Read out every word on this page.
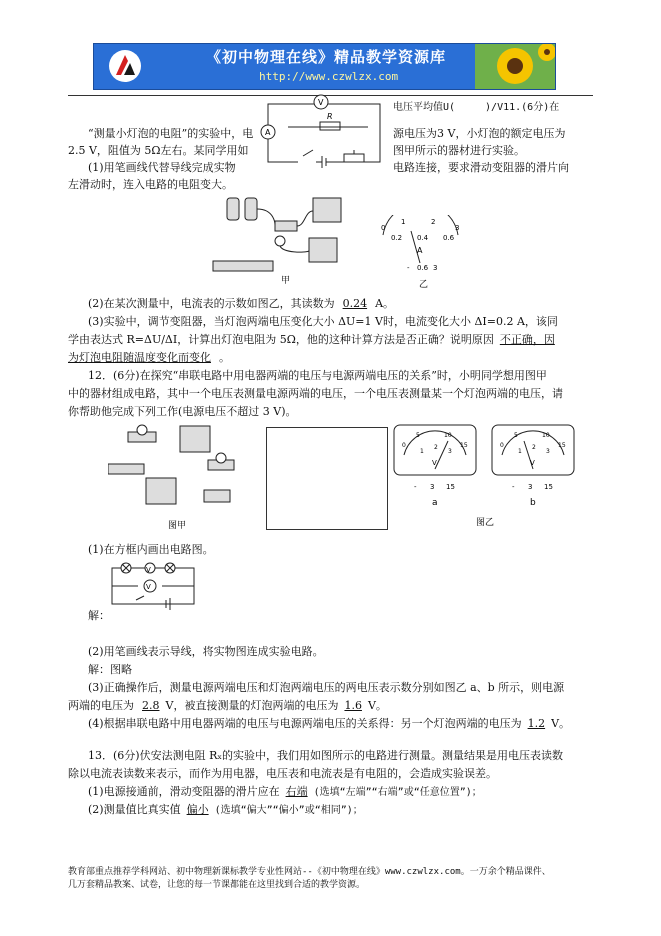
《初中物理在线》精品教学资源库
http://www.czwlzx.com
V
A
R
电压平均值U(　　　)/V11.(6分)在
“测量小灯泡的电阻”的实验中，电	源电压为3 V，小灯泡的额定电压为
2.5 V，阻值为 5Ω左右。某同学用如	图甲所示的器材进行实验。
(1)用笔画线代替导线完成实物	电路连接，要求滑动变阻器的滑片向
左滑动时，连入电路的电阻变大。
甲
0
1	2
3
0.2 0.4 0.6
A
- 0.6 3
乙
(2)在某次测量中，电流表的示数如图乙，其读数为 0.24 A。
(3)实验中，调节变阻器，当灯泡两端电压变化大小 ΔU=1 V时，电流变化大小 ΔI=0.2 A，该同
学由表达式 R=ΔU/ΔI，计算出灯泡电阻为 5Ω，他的这种计算方法是否正确？说明原因 不正确，因
为灯泡电阻随温度变化而变化 。
12．(6分)在探究“串联电路中用电器两端的电压与电源两端电压的关系”时，小明同学想用图甲
中的器材组成电路，其中一个电压表测量电源两端的电压，一个电压表测量某一个灯泡两端的电压，请
你帮助他完成下列工作(电源电压不超过 3 V)。
图甲
0
5	10
15
1
2
3
V
- 3 15
a
0
5	10
15
1
2
3
V
- 3 15
b
图乙
(1)在方框内画出电路图。
V
V
解：
(2)用笔画线表示导线，将实物图连成实验电路。
解：图略
(3)正确操作后，测量电源两端电压和灯泡两端电压的两电压表示数分别如图乙 a、b 所示，则电源
两端的电压为 2.8 V，被直接测量的灯泡两端的电压为 1.6 V。
(4)根据串联电路中用电器两端的电压与电源两端电压的关系得：另一个灯泡两端的电压为 1.2 V。
13．(6分)伏安法测电阻 Rₓ的实验中，我们用如图所示的电路进行测量。测量结果是用电压表读数
除以电流表读数来表示，而作为用电器，电压表和电流表是有电阻的，会造成实验误差。
(1)电源接通前，滑动变阻器的滑片应在 右端 (选填“左端”“右端”或“任意位置”)；
(2)测量值比真实值 偏小 (选填“偏大”“偏小”或“相同”)；
教育部重点推荐学科网站、初中物理新课标教学专业性网站--《初中物理在线》www.czwlzx.com。一万余个精品课件、
几万套精品教案、试卷，让您的每一节课都能在这里找到合适的教学资源。
